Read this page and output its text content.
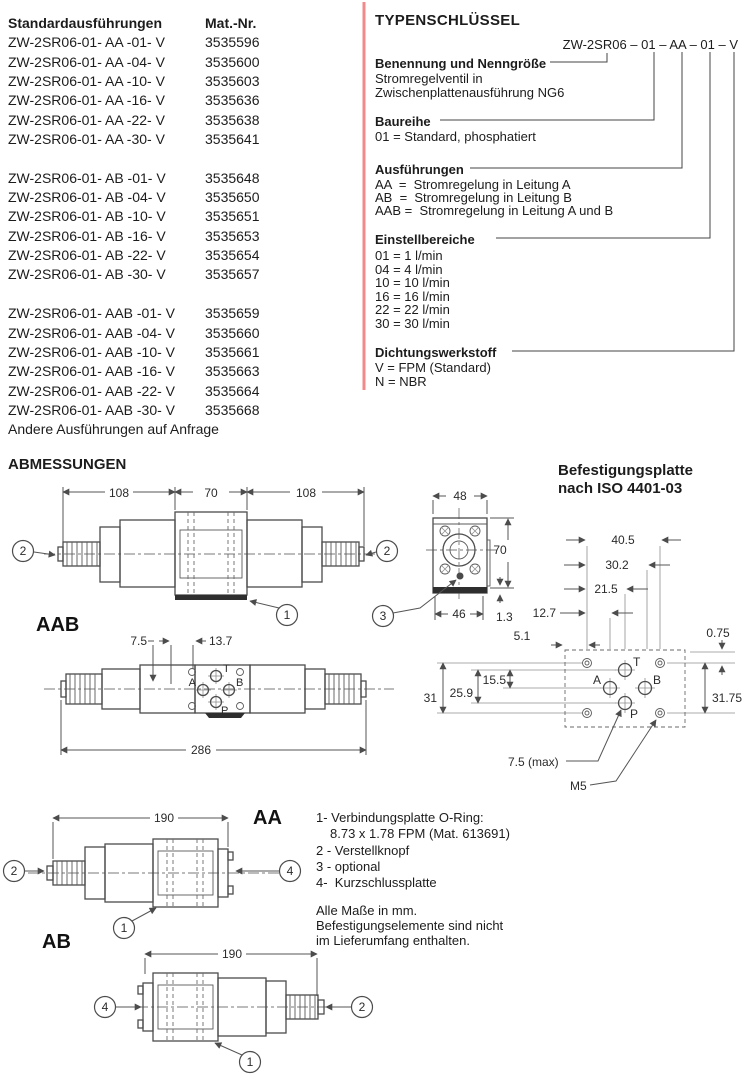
Standardausführungen	Mat.-Nr.
ZW-2SR06-01- AA -01- V	3535596
ZW-2SR06-01- AA -04- V	3535600
ZW-2SR06-01- AA -10- V	3535603
ZW-2SR06-01- AA -16- V	3535636
ZW-2SR06-01- AA -22- V	3535638
ZW-2SR06-01- AA -30- V	3535641
ZW-2SR06-01- AB -01- V	3535648
ZW-2SR06-01- AB -04- V	3535650
ZW-2SR06-01- AB -10- V	3535651
ZW-2SR06-01- AB -16- V	3535653
ZW-2SR06-01- AB -22- V	3535654
ZW-2SR06-01- AB -30- V	3535657
ZW-2SR06-01- AAB -01- V	3535659
ZW-2SR06-01- AAB -04- V	3535660
ZW-2SR06-01- AAB -10- V	3535661
ZW-2SR06-01- AAB -16- V	3535663
ZW-2SR06-01- AAB -22- V	3535664
ZW-2SR06-01- AAB -30- V	3535668
Andere Ausführungen auf Anfrage
TYPENSCHLÜSSEL
ZW-2SR06 – 01 – AA – 01 – V
Benennung und Nenngröße
Stromregelventil in
Zwischenplattenausführung NG6
Baureihe
01 = Standard, phosphatiert
Ausführungen
AA  =  Stromregelung in Leitung A
AB  =  Stromregelung in Leitung B
AAB =  Stromregelung in Leitung A und B
Einstellbereiche
01 = 1 l/min
04 = 4 l/min
10 = 10 l/min
16 = 16 l/min
22 = 22 l/min
30 = 30 l/min
Dichtungswerkstoff
V = FPM (Standard)
N = NBR
ABMESSUNGEN	Befestigungsplatte
nach ISO 4401-03
1- Verbindungsplatte O-Ring:
8.73 x 1.78 FPM (Mat. 613691)
2 - Verstellknopf
3 - optional
4-  Kurzschlussplatte
Alle Maße in mm.
Befestigungselemente sind nicht
im Lieferumfang enthalten.
108	70	108
2	2
1
AAB
48
70
46	1.3
3
7.5	13.7
T
A	B
P
286
40.5
30.2
21.5
12.7
5.1	0.75
T
A	B
P
31 25.9
15.5
31.75
7.5 (max)
M5
190
2	4
1
AA
AB
190
4	2
1
